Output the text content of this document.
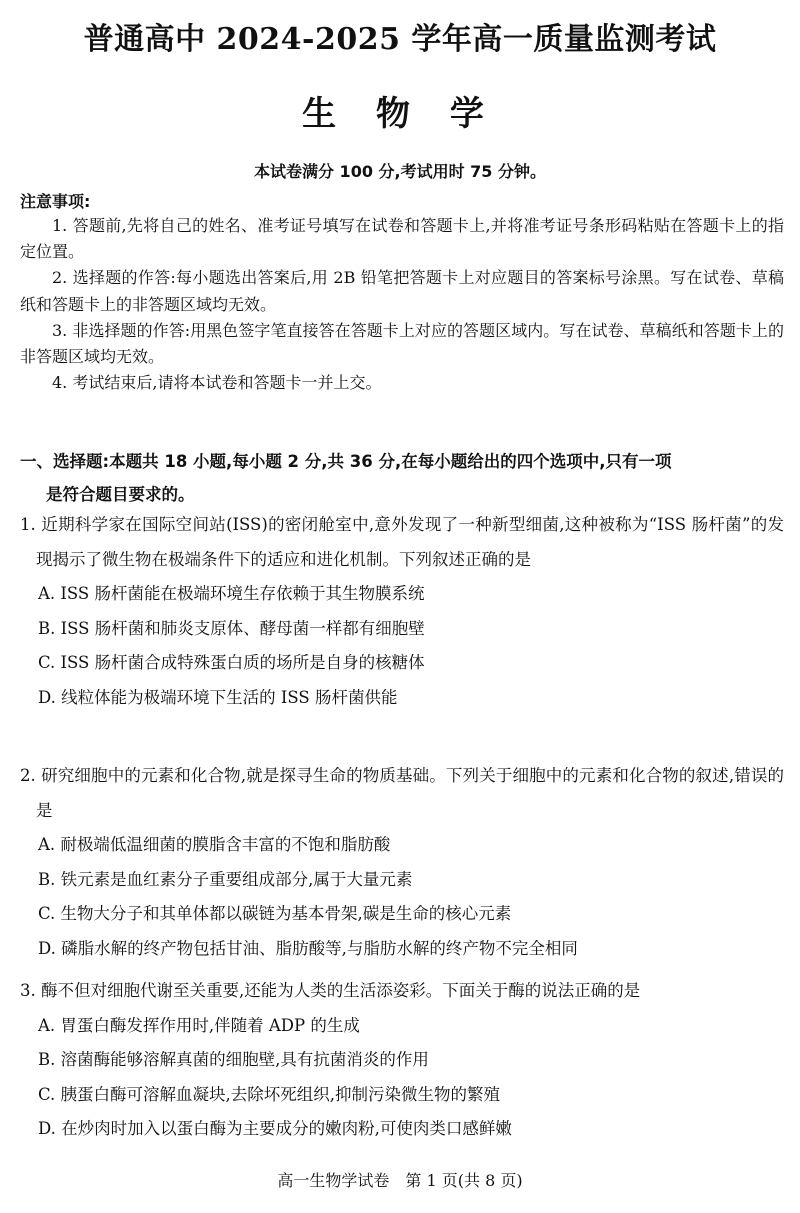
普通高中 2024-2025 学年高一质量监测考试
生 物 学
本试卷满分 100 分,考试用时 75 分钟。
注意事项:
1. 答题前,先将自己的姓名、准考证号填写在试卷和答题卡上,并将准考证号条形码粘贴在答题卡上的指定位置。
2. 选择题的作答:每小题选出答案后,用 2B 铅笔把答题卡上对应题目的答案标号涂黑。写在试卷、草稿纸和答题卡上的非答题区域均无效。
3. 非选择题的作答:用黑色签字笔直接答在答题卡上对应的答题区域内。写在试卷、草稿纸和答题卡上的非答题区域均无效。
4. 考试结束后,请将本试卷和答题卡一并上交。
一、选择题:本题共 18 小题,每小题 2 分,共 36 分,在每小题给出的四个选项中,只有一项
是符合题目要求的。
1. 近期科学家在国际空间站(ISS)的密闭舱室中,意外发现了一种新型细菌,这种被称为“ISS 肠杆菌”的发现揭示了微生物在极端条件下的适应和进化机制。下列叙述正确的是
A. ISS 肠杆菌能在极端环境生存依赖于其生物膜系统
B. ISS 肠杆菌和肺炎支原体、酵母菌一样都有细胞壁
C. ISS 肠杆菌合成特殊蛋白质的场所是自身的核糖体
D. 线粒体能为极端环境下生活的 ISS 肠杆菌供能
2. 研究细胞中的元素和化合物,就是探寻生命的物质基础。下列关于细胞中的元素和化合物的叙述,错误的是
A. 耐极端低温细菌的膜脂含丰富的不饱和脂肪酸
B. 铁元素是血红素分子重要组成部分,属于大量元素
C. 生物大分子和其单体都以碳链为基本骨架,碳是生命的核心元素
D. 磷脂水解的终产物包括甘油、脂肪酸等,与脂肪水解的终产物不完全相同
3. 酶不但对细胞代谢至关重要,还能为人类的生活添姿彩。下面关于酶的说法正确的是
A. 胃蛋白酶发挥作用时,伴随着 ADP 的生成
B. 溶菌酶能够溶解真菌的细胞壁,具有抗菌消炎的作用
C. 胰蛋白酶可溶解血凝块,去除坏死组织,抑制污染微生物的繁殖
D. 在炒肉时加入以蛋白酶为主要成分的嫩肉粉,可使肉类口感鲜嫩
高一生物学试卷　第 1 页(共 8 页)
